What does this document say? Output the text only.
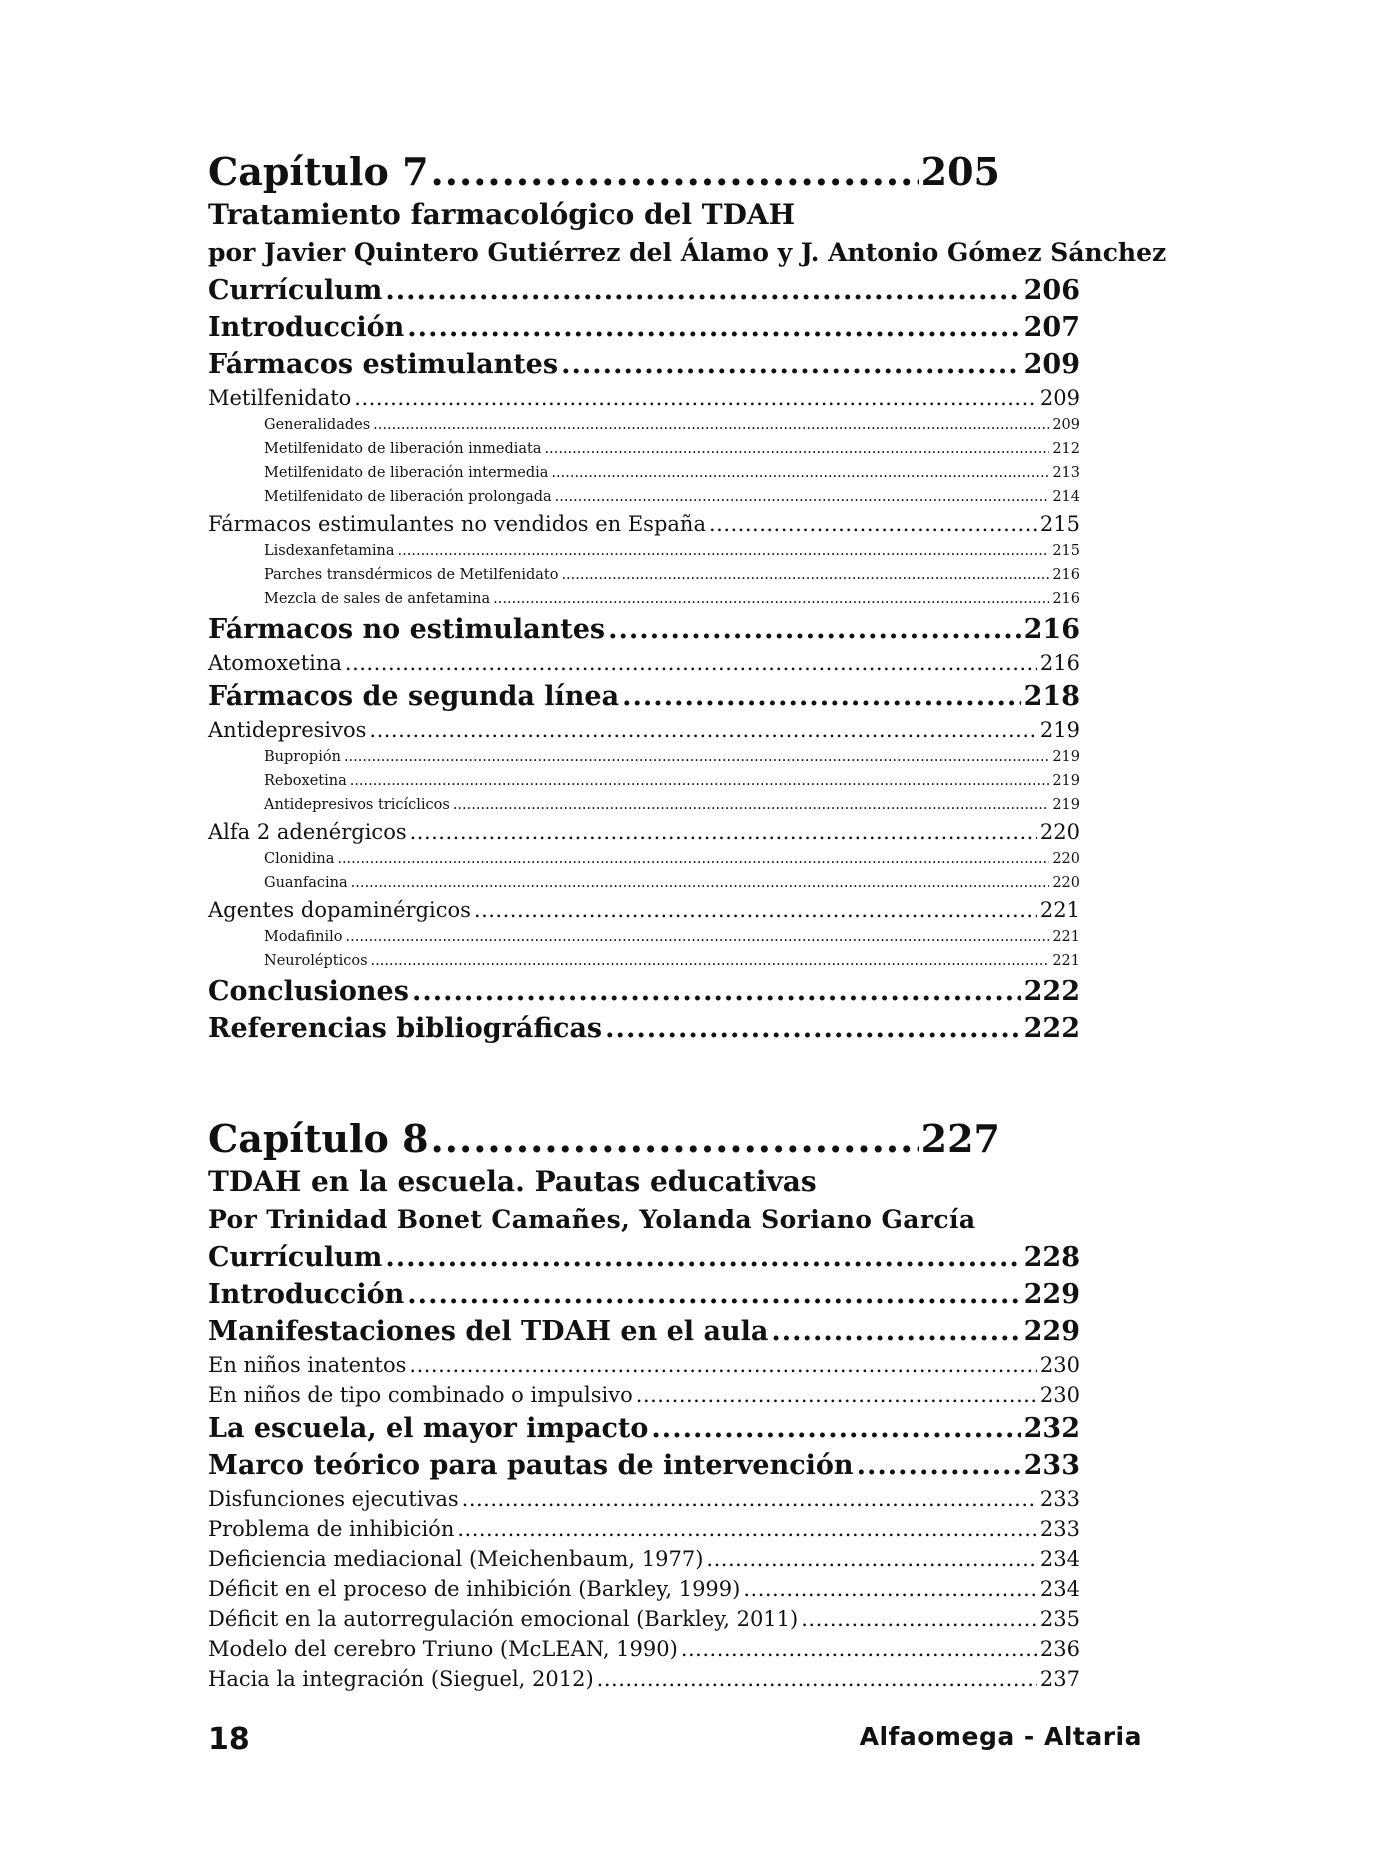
Capítulo 7 .....	205
Tratamiento farmacológico del TDAH
por Javier Quintero Gutiérrez del Álamo y J. Antonio Gómez Sánchez
Currículum .....	206
Introducción .....	207
Fármacos estimulantes .....	209
Metilfenidato .....	209
Generalidades .....	209
Metilfenidato de liberación inmediata .....	212
Metilfenidato de liberación intermedia .....	213
Metilfenidato de liberación prolongada .....	214
Fármacos estimulantes no vendidos en España .....	215
Lisdexanfetamina .....	215
Parches transdérmicos de Metilfenidato .....	216
Mezcla de sales de anfetamina .....	216
Fármacos no estimulantes .....	216
Atomoxetina .....	216
Fármacos de segunda línea .....	218
Antidepresivos .....	219
Bupropión .....	219
Reboxetina .....	219
Antidepresivos tricíclicos .....	219
Alfa 2 adenérgicos .....	220
Clonidina .....	220
Guanfacina .....	220
Agentes dopaminérgicos .....	221
Modafinilo .....	221
Neurolépticos .....	221
Conclusiones .....	222
Referencias bibliográficas .....	222
Capítulo 8 .....	227
TDAH en la escuela. Pautas educativas
Por Trinidad Bonet Camañes, Yolanda Soriano García
Currículum .....	228
Introducción .....	229
Manifestaciones del TDAH en el aula .....	229
En niños inatentos .....	230
En niños de tipo combinado o impulsivo .....	230
La escuela, el mayor impacto .....	232
Marco teórico para pautas de intervención .....	233
Disfunciones ejecutivas .....	233
Problema de inhibición .....	233
Deficiencia mediacional (Meichenbaum, 1977) .....	234
Déficit en el proceso de inhibición (Barkley, 1999) .....	234
Déficit en la autorregulación emocional (Barkley, 2011) .....	235
Modelo del cerebro Triuno (McLEAN, 1990) .....	236
Hacia la integración (Sieguel, 2012) .....	237
18	Alfaomega - Altaria
